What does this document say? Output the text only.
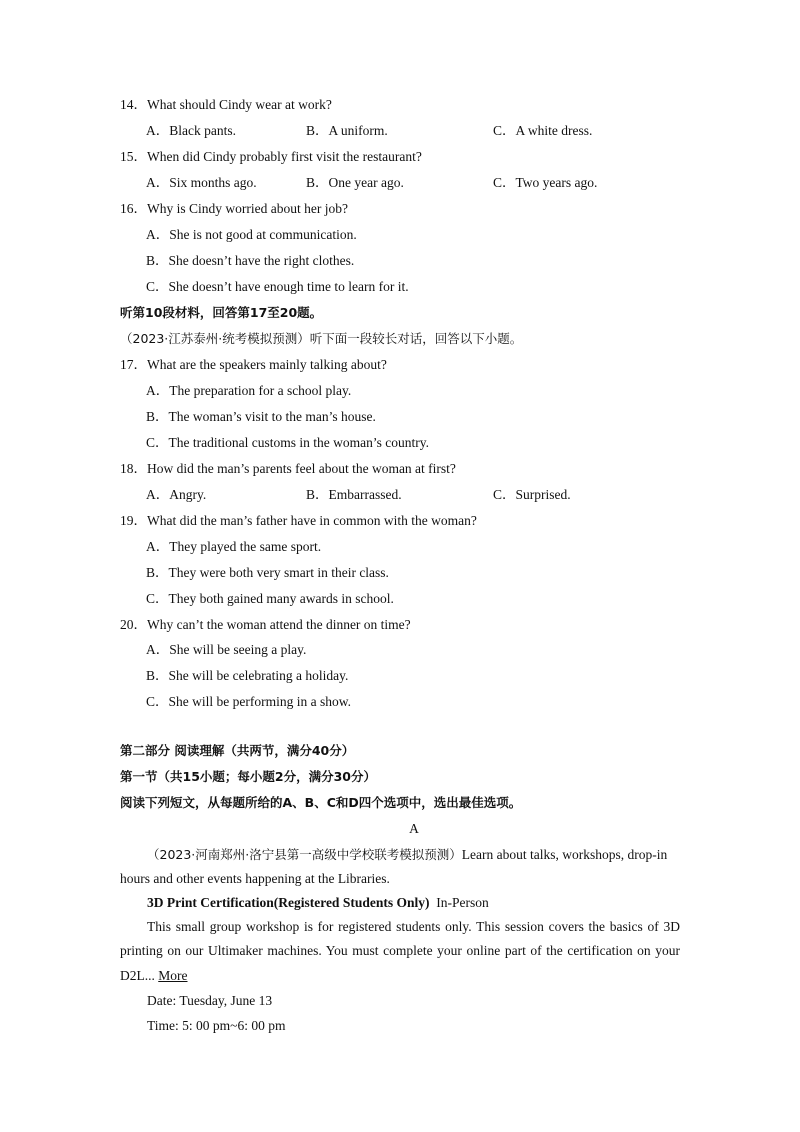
14．What should Cindy wear at work?
A．Black pants.	B．A uniform.	C．A white dress.
15．When did Cindy probably first visit the restaurant?
A．Six months ago.	B．One year ago.	C．Two years ago.
16．Why is Cindy worried about her job?
A．She is not good at communication.
B．She doesn’t have the right clothes.
C．She doesn’t have enough time to learn for it.
听第10段材料，回答第17至20题。
（2023·江苏泰州·统考模拟预测）听下面一段较长对话，回答以下小题。
17．What are the speakers mainly talking about?
A．The preparation for a school play.
B．The woman’s visit to the man’s house.
C．The traditional customs in the woman’s country.
18．How did the man’s parents feel about the woman at first?
A．Angry.	B．Embarrassed.	C．Surprised.
19．What did the man’s father have in common with the woman?
A．They played the same sport.
B．They were both very smart in their class.
C．They both gained many awards in school.
20．Why can’t the woman attend the dinner on time?
A．She will be seeing a play.
B．She will be celebrating a holiday.
C．She will be performing in a show.
第二部分 阅读理解（共两节，满分40分）
第一节（共15小题；每小题2分，满分30分）
阅读下列短文，从每题所给的A、B、C和D四个选项中，选出最佳选项。
A
（2023·河南郑州·洛宁县第一高级中学校联考模拟预测）Learn about talks, workshops, drop-in hours and other events happening at the Libraries.
3D Print Certification(Registered Students Only) In-Person
This small group workshop is for registered students only. This session covers the basics of 3D printing on our Ultimaker machines. You must complete your online part of the certification on your D2L... More
Date: Tuesday, June 13
Time: 5: 00 pm~6: 00 pm
